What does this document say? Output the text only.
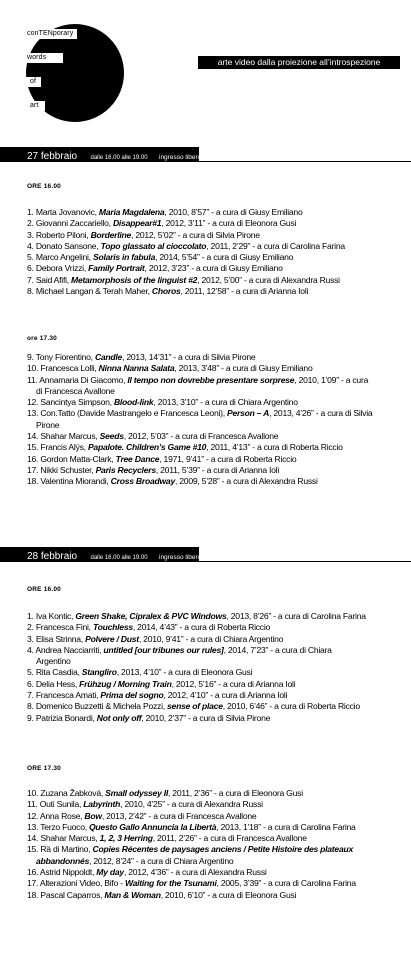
conTENporary
words
of
art
arte video dalla proiezione all’introspezione
27 febbraio dalle 16.00 alle 19.00 ingresso libero
ORE 16.00
1. Marta Jovanovic, Maria Magdalena, 2010, 8’57” - a cura di Giusy Emiliano
2. Giovanni Zaccariello, Disappear#1, 2012, 3’11” - a cura di Eleonora Gusi
3. Roberto Piloni, Borderline, 2012, 5’02” - a cura di Silvia Pirone
4. Donato Sansone, Topo glassato al cioccolato, 2011, 2’29” - a cura di Carolina Farina
5. Marco Angelini, Solaris in fabula, 2014, 5’54” - a cura di Giusy Emiliano
6. Debora Vrizzi, Family Portrait, 2012, 3’23” - a cura di Giusy Emiliano
7. Said Afifi, Metamorphosis of the linguist #2, 2012, 5’00” - a cura di Alexandra Russi
8. Michael Langan & Terah Maher, Choros, 2011, 12’58” - a cura di Arianna Ioli
ore 17.30
9. Tony Fiorentino, Candle, 2013, 14’31” - a cura di Silvia Pirone
10. Francesca Lolli, Ninna Nanna Salata, 2013, 3’48” - a cura di Giusy Emiliano
11. Annamaria Di Giacomo, Il tempo non dovrebbe presentare sorprese, 2010, 1’09” - a cura
di Francesca Avallone
12. Sancintya Simpson, Blood-link, 2013, 3’10” - a cura di Chiara Argentino
13. Con.Tatto (Davide Mastrangelo e Francesca Leoni), Person – A, 2013, 4’26” - a cura di Silvia
Pirone
14. Shahar Marcus, Seeds, 2012, 5’03” - a cura di Francesca Avallone
15. Francis Alÿs, Papalote. Children’s Game #10, 2011, 4’13” - a cura di Roberta Riccio
16. Gordon Matta-Clark, Tree Dance, 1971, 9’41” - a cura di Roberta Riccio
17. Nikki Schuster, Paris Recyclers, 2011, 5’39” - a cura di Arianna Ioli
18. Valentina Miorandi, Cross Broadway, 2009, 5’28” - a cura di Alexandra Russi
28 febbraio dalle 16.00 alle 19.00 ingresso libero
ORE 16.00
1. Iva Kontic, Green Shake, Cipralex & PVC Windows, 2013, 8’26” - a cura di Carolina Farina
2. Francesca Fini, Touchless, 2014, 4’43” - a cura di Roberta Riccio
3. Elisa Strinna, Polvere / Dust, 2010, 9’41” - a cura di Chiara Argentino
4. Andrea Nacciarriti, untitled [our tribunes our rules], 2014, 7’23” - a cura di Chiara
Argentino
5. Rita Casdia, Stangliro, 2013, 4’10” - a cura di Eleonora Gusi
6. Delia Hess, Frühzug / Morning Train, 2012, 5’16” - a cura di Arianna Ioli
7. Francesca Amati, Prima del sogno, 2012, 4’10” - a cura di Arianna Ioli
8. Domenico Buzzetti & Michela Pozzi, sense of place, 2010, 6’46” - a cura di Roberta Riccio
9. Patrizia Bonardi, Not only off, 2010, 2’37” - a cura di Silvia Pirone
ORE 17.30
10. Zuzana Žabková, Small odyssey II, 2011, 2’36” - a cura di Eleonora Gusi
11. Outi Sunila, Labyrinth, 2010, 4’25” - a cura di Alexandra Russi
12. Anna Rose, Bow, 2013, 2’42” - a cura di Francesca Avallone
13. Terzo Fuoco, Questo Gallo Annuncia la Libertà, 2013, 1’18” - a cura di Carolina Farina
14. Shahar Marcus, 1, 2, 3 Herring, 2011, 2’26” - a cura di Francesca Avallone
15. Rä di Martino, Copies Récentes de paysages anciens / Petite Histoire des plateaux
abbandonnés, 2012, 8’24” - a cura di Chiara Argentino
16. Astrid Nippoldt, My day, 2012, 4’36” - a cura di Alexandra Russi
17. Alterazioni Video, Bifo - Waiting for the Tsunami, 2005, 3’39” - a cura di Carolina Farina
18. Pascal Caparros, Man & Woman, 2010, 6’10” - a cura di Eleonora Gusi
